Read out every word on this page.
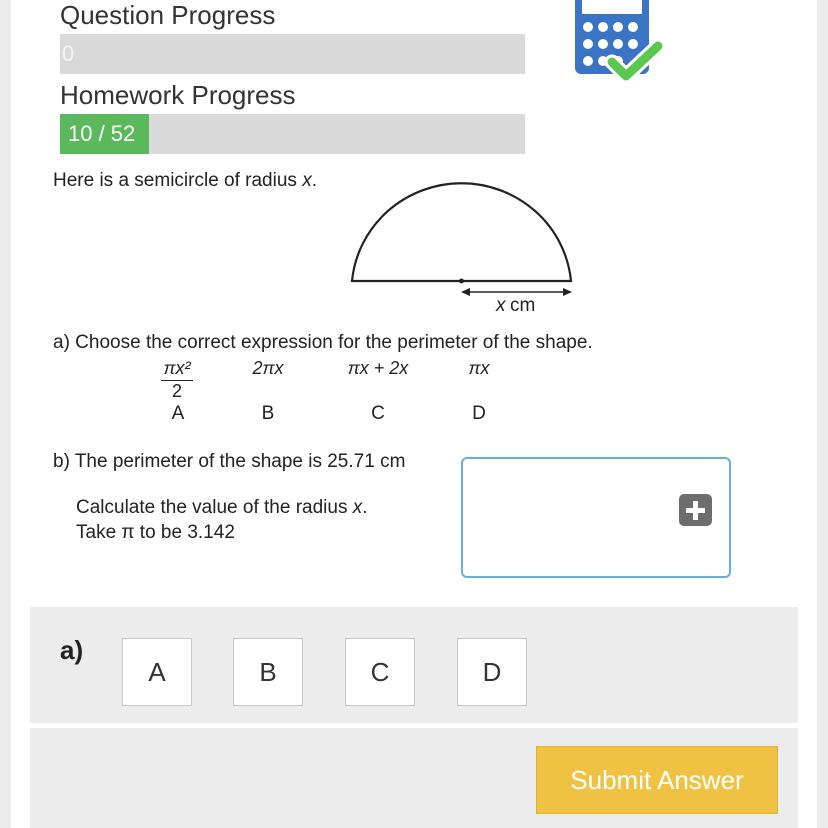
Question Progress
0
Homework Progress
10 / 52
Here is a semicircle of radius x.
x cm
a) Choose the correct expression for the perimeter of the shape.
$\frac{\text{πx²}}{2}$	2πx	πx + 2x	πx
A	B	C	D
b) The perimeter of the shape is 25.71 cm
Calculate the value of the radius x.
Take π to be 3.142
a)
A	B	C	D
Submit Answer
